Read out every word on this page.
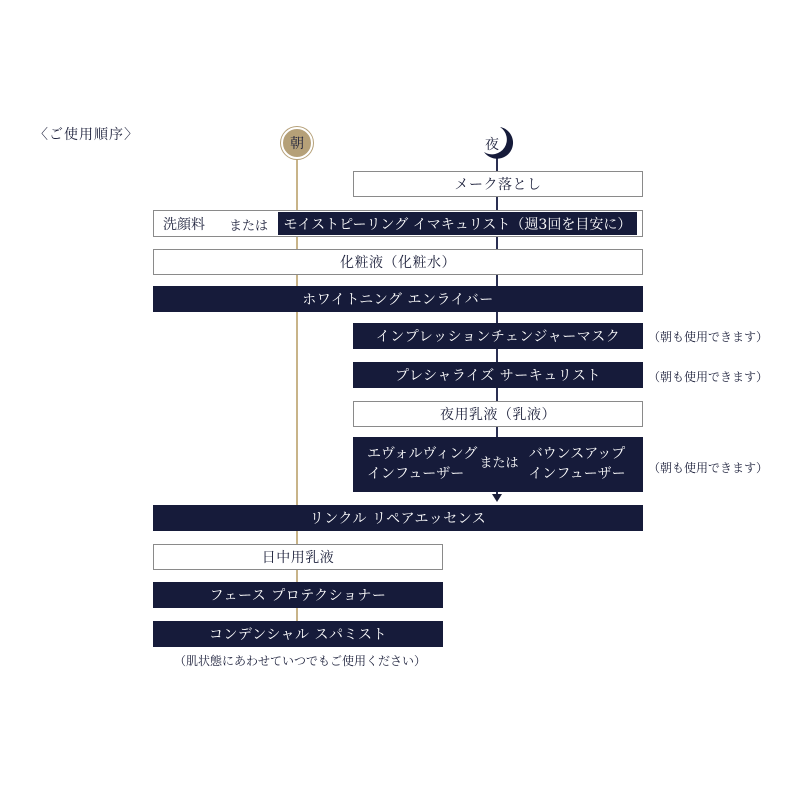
〈ご使用順序〉
朝	夜
メーク落とし
洗顔料 または モイストピーリング イマキュリスト（週3回を目安に）
化粧液（化粧水）
ホワイトニング エンライバー
インプレッションチェンジャーマスク （朝も使用できます）
プレシャライズ サーキュリスト	（朝も使用できます）
夜用乳液（乳液）
エヴォルヴィング
インフューザー
または
バウンスアップ
インフューザー （朝も使用できます）
リンクル リペアエッセンス
日中用乳液
フェース プロテクショナー
コンデンシャル スパミスト
（肌状態にあわせていつでもご使用ください）
